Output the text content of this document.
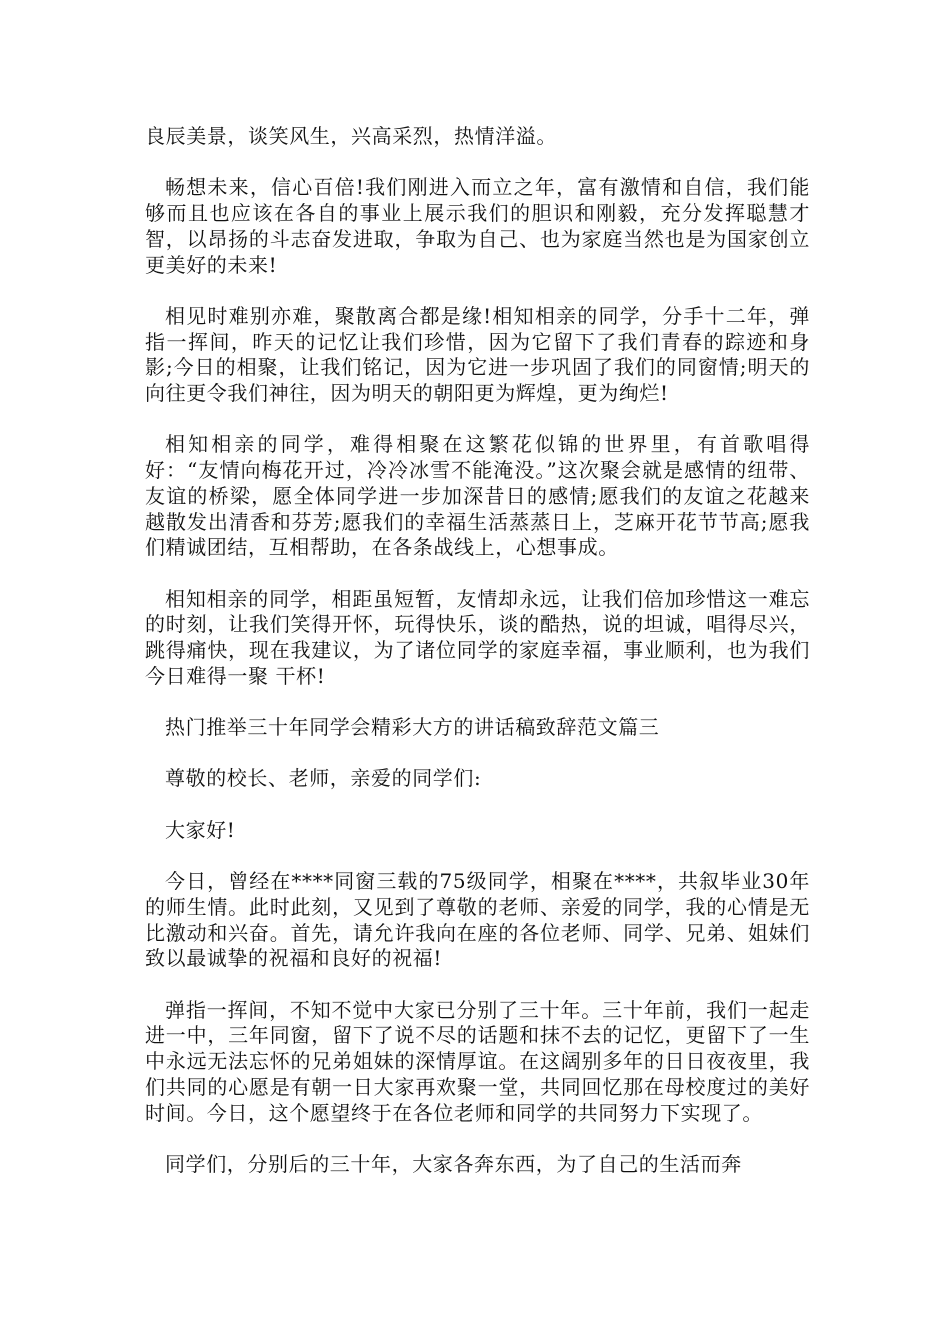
良辰美景，谈笑风生，兴高采烈，热情洋溢。

畅想未来，信心百倍!我们刚进入而立之年，富有激情和自信，我们能够而且也应该在各自的事业上展示我们的胆识和刚毅，充分发挥聪慧才智，以昂扬的斗志奋发进取，争取为自己、也为家庭当然也是为国家创立更美好的未来!

相见时难别亦难，聚散离合都是缘!相知相亲的同学，分手十二年，弹指一挥间，昨天的记忆让我们珍惜，因为它留下了我们青春的踪迹和身影;今日的相聚，让我们铭记，因为它进一步巩固了我们的同窗情;明天的向往更令我们神往，因为明天的朝阳更为辉煌，更为绚烂!

相知相亲的同学，难得相聚在这繁花似锦的世界里，有首歌唱得好：“友情向梅花开过，冷冷冰雪不能淹没。”这次聚会就是感情的纽带、友谊的桥梁，愿全体同学进一步加深昔日的感情;愿我们的友谊之花越来越散发出清香和芬芳;愿我们的幸福生活蒸蒸日上，芝麻开花节节高;愿我们精诚团结，互相帮助，在各条战线上，心想事成。

相知相亲的同学，相距虽短暂，友情却永远，让我们倍加珍惜这一难忘的时刻，让我们笑得开怀，玩得快乐，谈的酷热，说的坦诚，唱得尽兴，跳得痛快，现在我建议，为了诸位同学的家庭幸福，事业顺利，也为我们今日难得一聚 干杯!

热门推举三十年同学会精彩大方的讲话稿致辞范文篇三

尊敬的校长、老师，亲爱的同学们:

大家好!

今日，曾经在****同窗三载的75级同学，相聚在****，共叙毕业30年的师生情。此时此刻，又见到了尊敬的老师、亲爱的同学，我的心情是无比激动和兴奋。首先，请允许我向在座的各位老师、同学、兄弟、姐妹们致以最诚挚的祝福和良好的祝福!

弹指一挥间，不知不觉中大家已分别了三十年。三十年前，我们一起走进一中，三年同窗，留下了说不尽的话题和抹不去的记忆，更留下了一生中永远无法忘怀的兄弟姐妹的深情厚谊。在这阔别多年的日日夜夜里，我们共同的心愿是有朝一日大家再欢聚一堂，共同回忆那在母校度过的美好时间。今日，这个愿望终于在各位老师和同学的共同努力下实现了。

同学们，分别后的三十年，大家各奔东西，为了自己的生活而奔
